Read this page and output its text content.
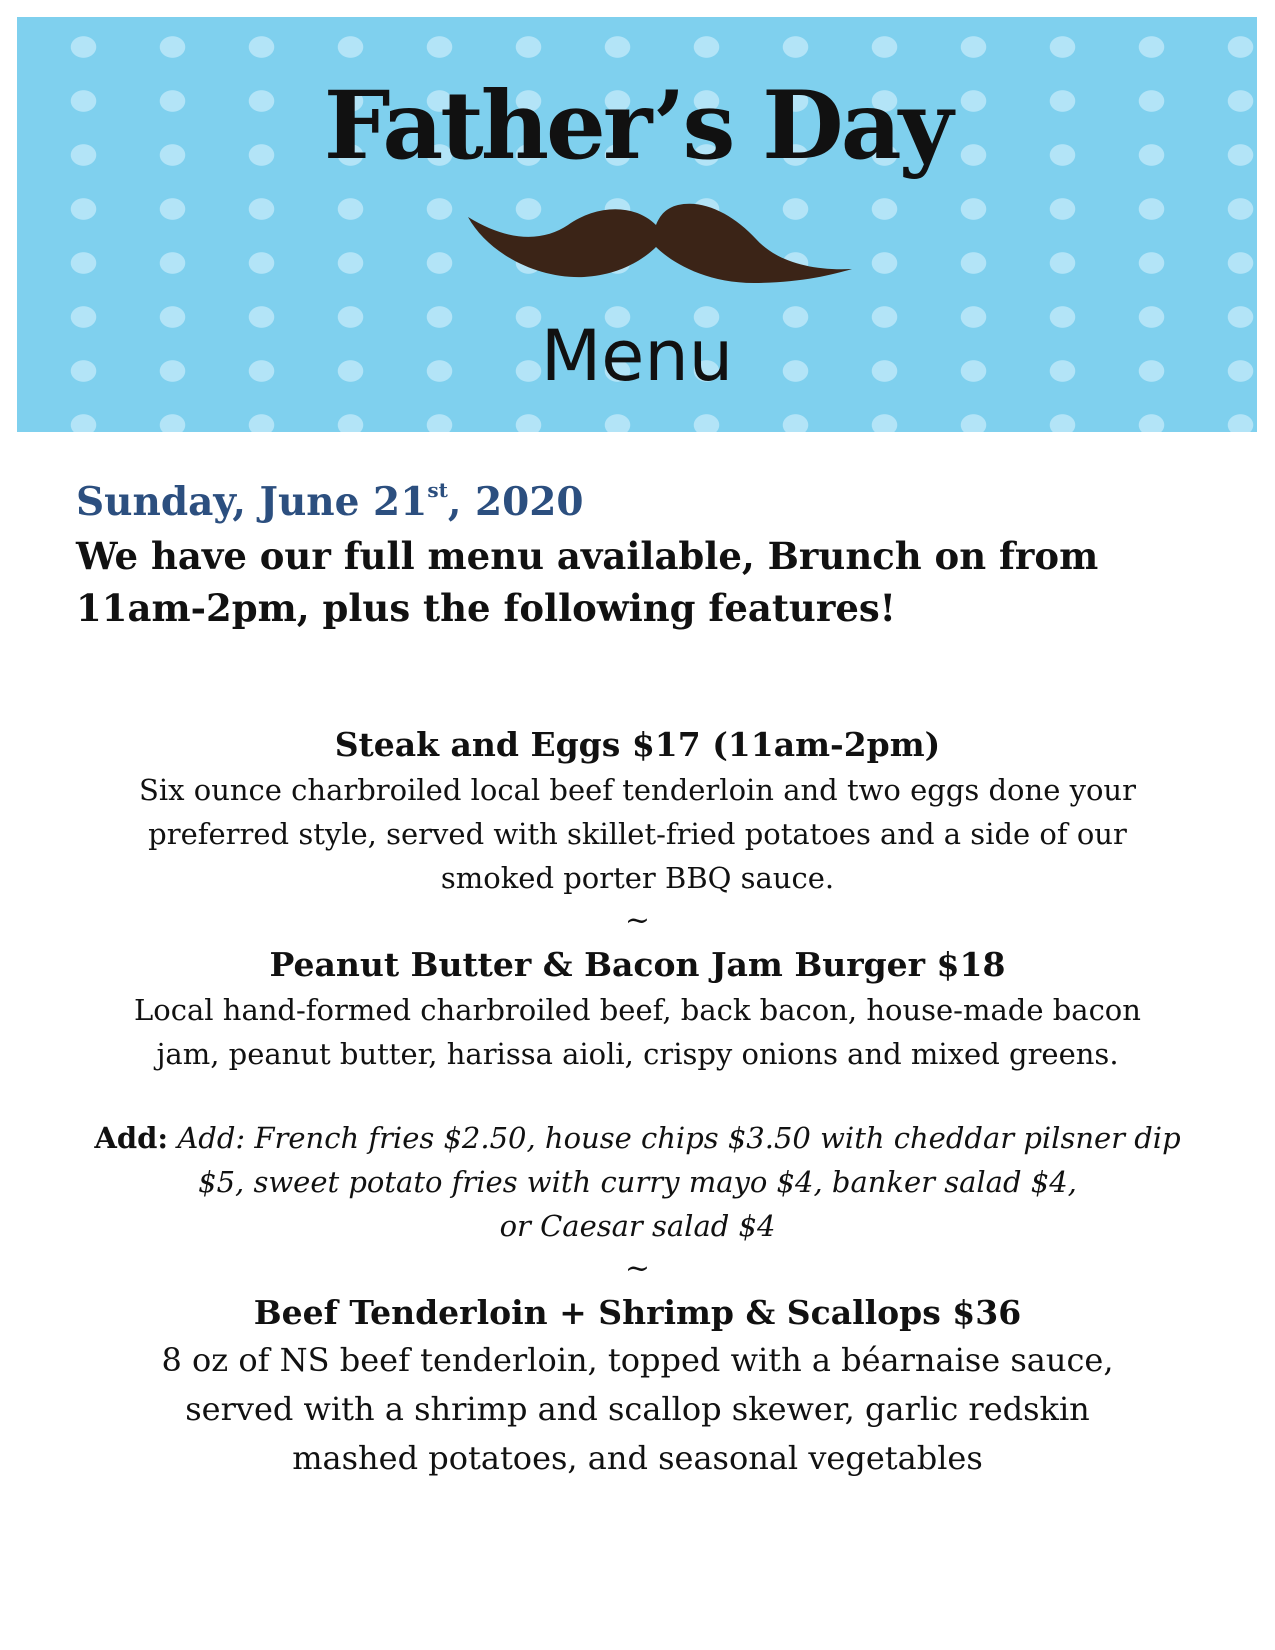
Father’s Day
Menu
Sunday, June 21st, 2020
We have our full menu available, Brunch on from
11am-2pm, plus the following features!
Steak and Eggs $17 (11am-2pm)
Six ounce charbroiled local beef tenderloin and two eggs done your
preferred style, served with skillet-fried potatoes and a side of our
smoked porter BBQ sauce.
~
Peanut Butter & Bacon Jam Burger $18
Local hand-formed charbroiled beef, back bacon, house-made bacon
jam, peanut butter, harissa aioli, crispy onions and mixed greens.
Add: Add: French fries $2.50, house chips $3.50 with cheddar pilsner dip
$5, sweet potato fries with curry mayo $4, banker salad $4,
or Caesar salad $4
~
Beef Tenderloin + Shrimp & Scallops $36
8 oz of NS beef tenderloin, topped with a béarnaise sauce,
served with a shrimp and scallop skewer, garlic redskin
mashed potatoes, and seasonal vegetables
